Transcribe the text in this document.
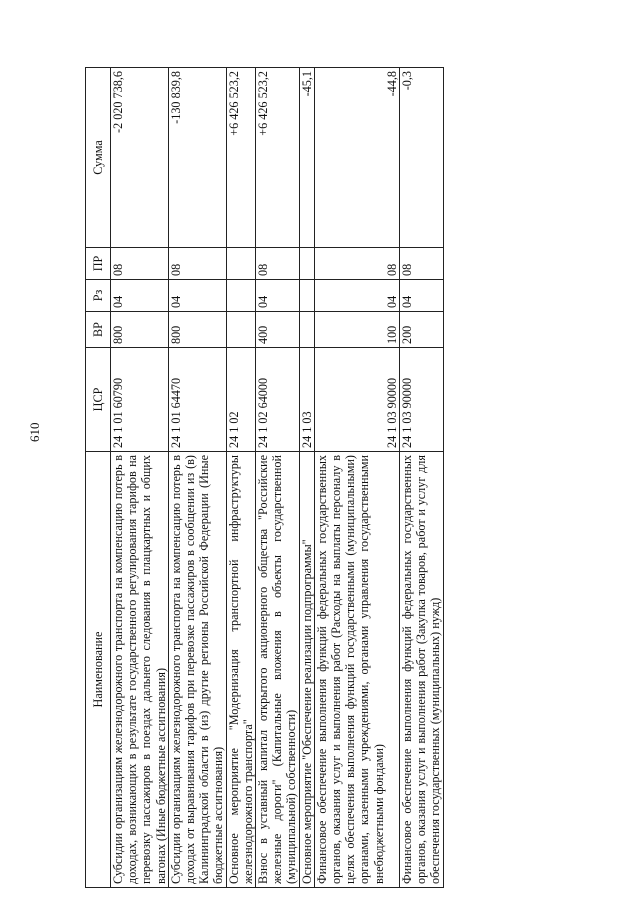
610
Наименование	ЦСР	ВР	Рз	ПР	Сумма
Субсидии организациям железнодорожного транспорта на компенсацию потерь в доходах, возникающих в результате государственного регулирования тарифов на перевозку пассажиров в поездах дальнего следования в плацкартных и общих вагонах (Иные бюджетные ассигнования)	24 1 01 60790	800	04	08	-2 020 738,6
Субсидии организациям железнодорожного транспорта на компенсацию потерь в доходах от выравнивания тарифов при перевозке пассажиров в сообщении из (в) Калининградской области в (из) другие регионы Российской Федерации (Иные бюджетные ассигнования)	24 1 01 64470	800	04	08	-130 839,8
Основное мероприятие "Модернизация транспортной инфраструктуры железнодорожного транспорта"	24 1 02				+6 426 523,2
Взнос в уставный капитал открытого акционерного общества "Российские железные дороги" (Капитальные вложения в объекты государственной (муниципальной) собственности)	24 1 02 64000	400	04	08	+6 426 523,2
Основное мероприятие "Обеспечение реализации подпрограммы"	24 1 03				-45,1
Финансовое обеспечение выполнения функций федеральных государственных органов, оказания услуг и выполнения работ (Расходы на выплаты персоналу в целях обеспечения выполнения функций государственными (муниципальными) органами, казенными учреждениями, органами управления государственными внебюджетными фондами)	24 1 03 90000	100	04	08	-44,8
Финансовое обеспечение выполнения функций федеральных государственных органов, оказания услуг и выполнения работ (Закупка товаров, работ и услуг для обеспечения государственных (муниципальных) нужд)	24 1 03 90000	200	04	08	-0,3
